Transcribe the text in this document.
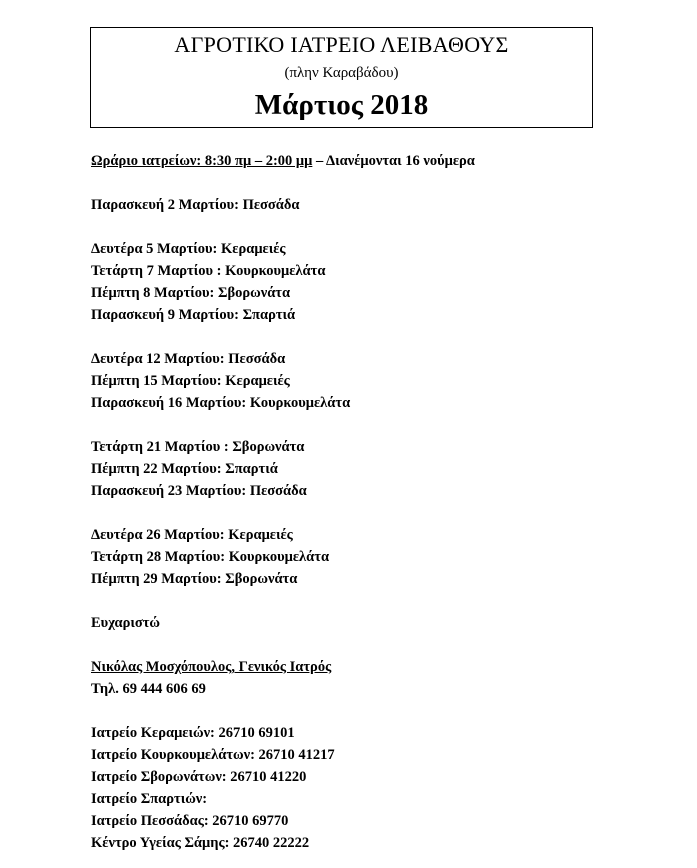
ΑΓΡΟΤΙΚΟ ΙΑΤΡΕΙΟ ΛΕΙΒΑΘΟΥΣ
(πλην Καραβάδου)
Μάρτιος 2018
Ωράριο ιατρείων: 8:30 πμ – 2:00 μμ – Διανέμονται 16 νούμερα
Παρασκευή 2 Μαρτίου: Πεσσάδα
Δευτέρα 5 Μαρτίου: Κεραμειές
Τετάρτη 7 Μαρτίου : Κουρκουμελάτα
Πέμπτη 8 Μαρτίου: Σβορωνάτα
Παρασκευή 9 Μαρτίου: Σπαρτιά
Δευτέρα 12 Μαρτίου: Πεσσάδα
Πέμπτη 15 Μαρτίου: Κεραμειές
Παρασκευή 16 Μαρτίου: Κουρκουμελάτα
Τετάρτη 21 Μαρτίου : Σβορωνάτα
Πέμπτη 22 Μαρτίου: Σπαρτιά
Παρασκευή 23 Μαρτίου: Πεσσάδα
Δευτέρα 26 Μαρτίου: Κεραμειές
Τετάρτη 28 Μαρτίου: Κουρκουμελάτα
Πέμπτη 29 Μαρτίου: Σβορωνάτα
Ευχαριστώ
Νικόλας Μοσχόπουλος, Γενικός Ιατρός
Τηλ. 69 444 606 69
Ιατρείο Κεραμειών: 26710 69101
Ιατρείο Κουρκουμελάτων: 26710 41217
Ιατρείο Σβορωνάτων: 26710 41220
Ιατρείο Σπαρτιών:
Ιατρείο Πεσσάδας: 26710 69770
Κέντρο Υγείας Σάμης: 26740 22222
